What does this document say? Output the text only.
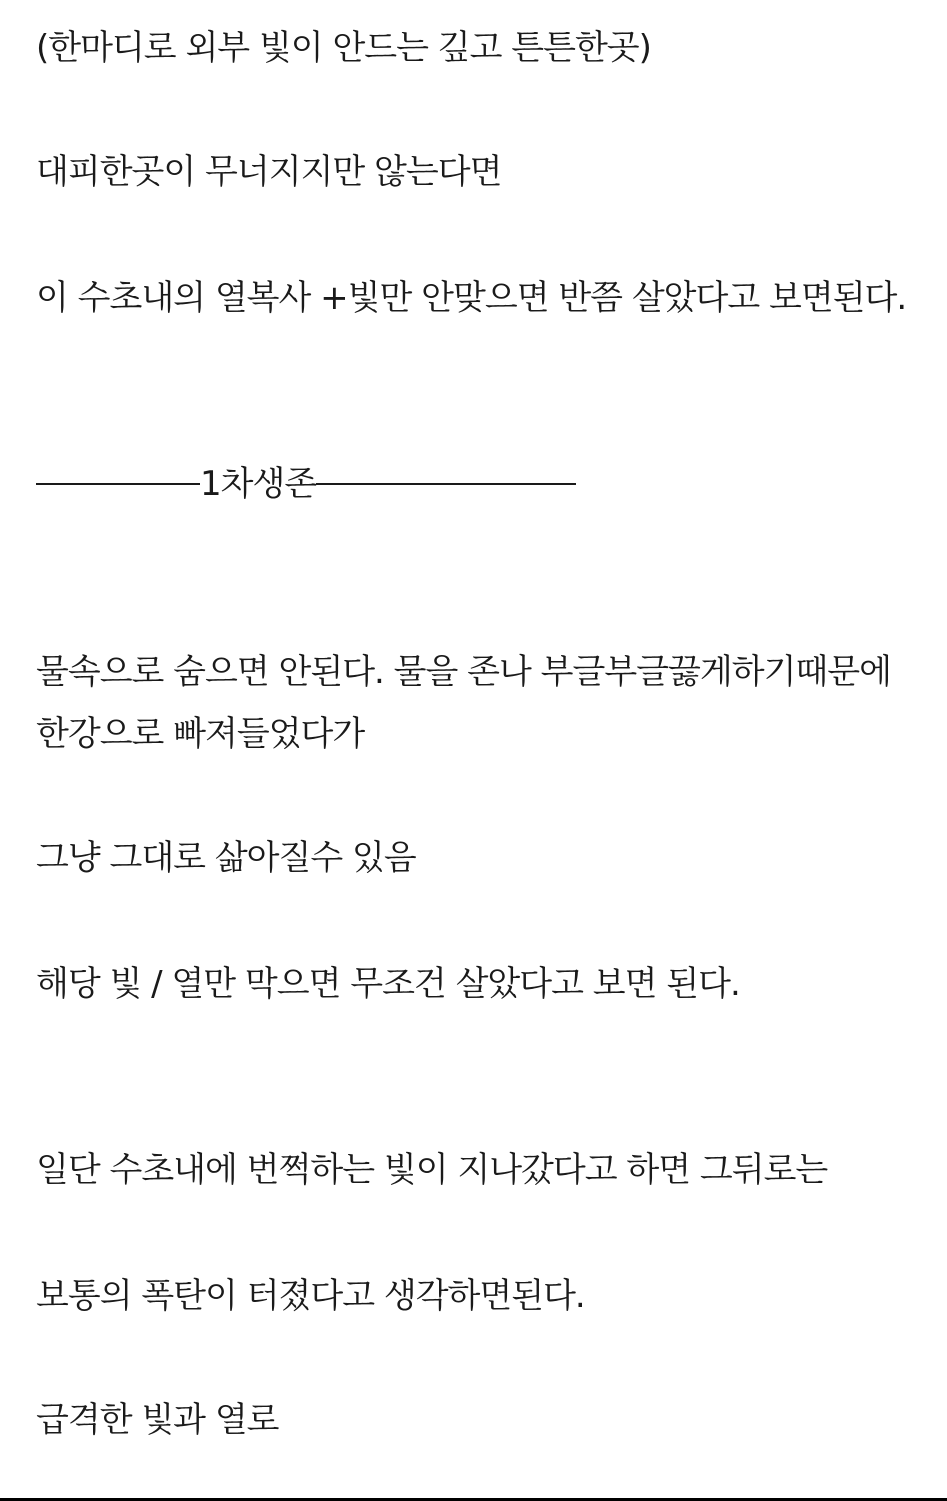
(한마디로 외부 빛이 안드는 깊고 튼튼한곳)
대피한곳이 무너지지만 않는다면
이 수초내의 열복사 +빛만 안맞으면 반쯤 살았다고 보면된다.
1차생존
물속으로 숨으면 안된다. 물을 존나 부글부글끓게하기때문에
한강으로 빠져들었다가
그냥 그대로 삶아질수 있음
해당 빛 / 열만 막으면 무조건 살았다고 보면 된다.
일단 수초내에 번쩍하는 빛이 지나갔다고 하면 그뒤로는
보통의 폭탄이 터졌다고 생각하면된다.
급격한 빛과 열로
